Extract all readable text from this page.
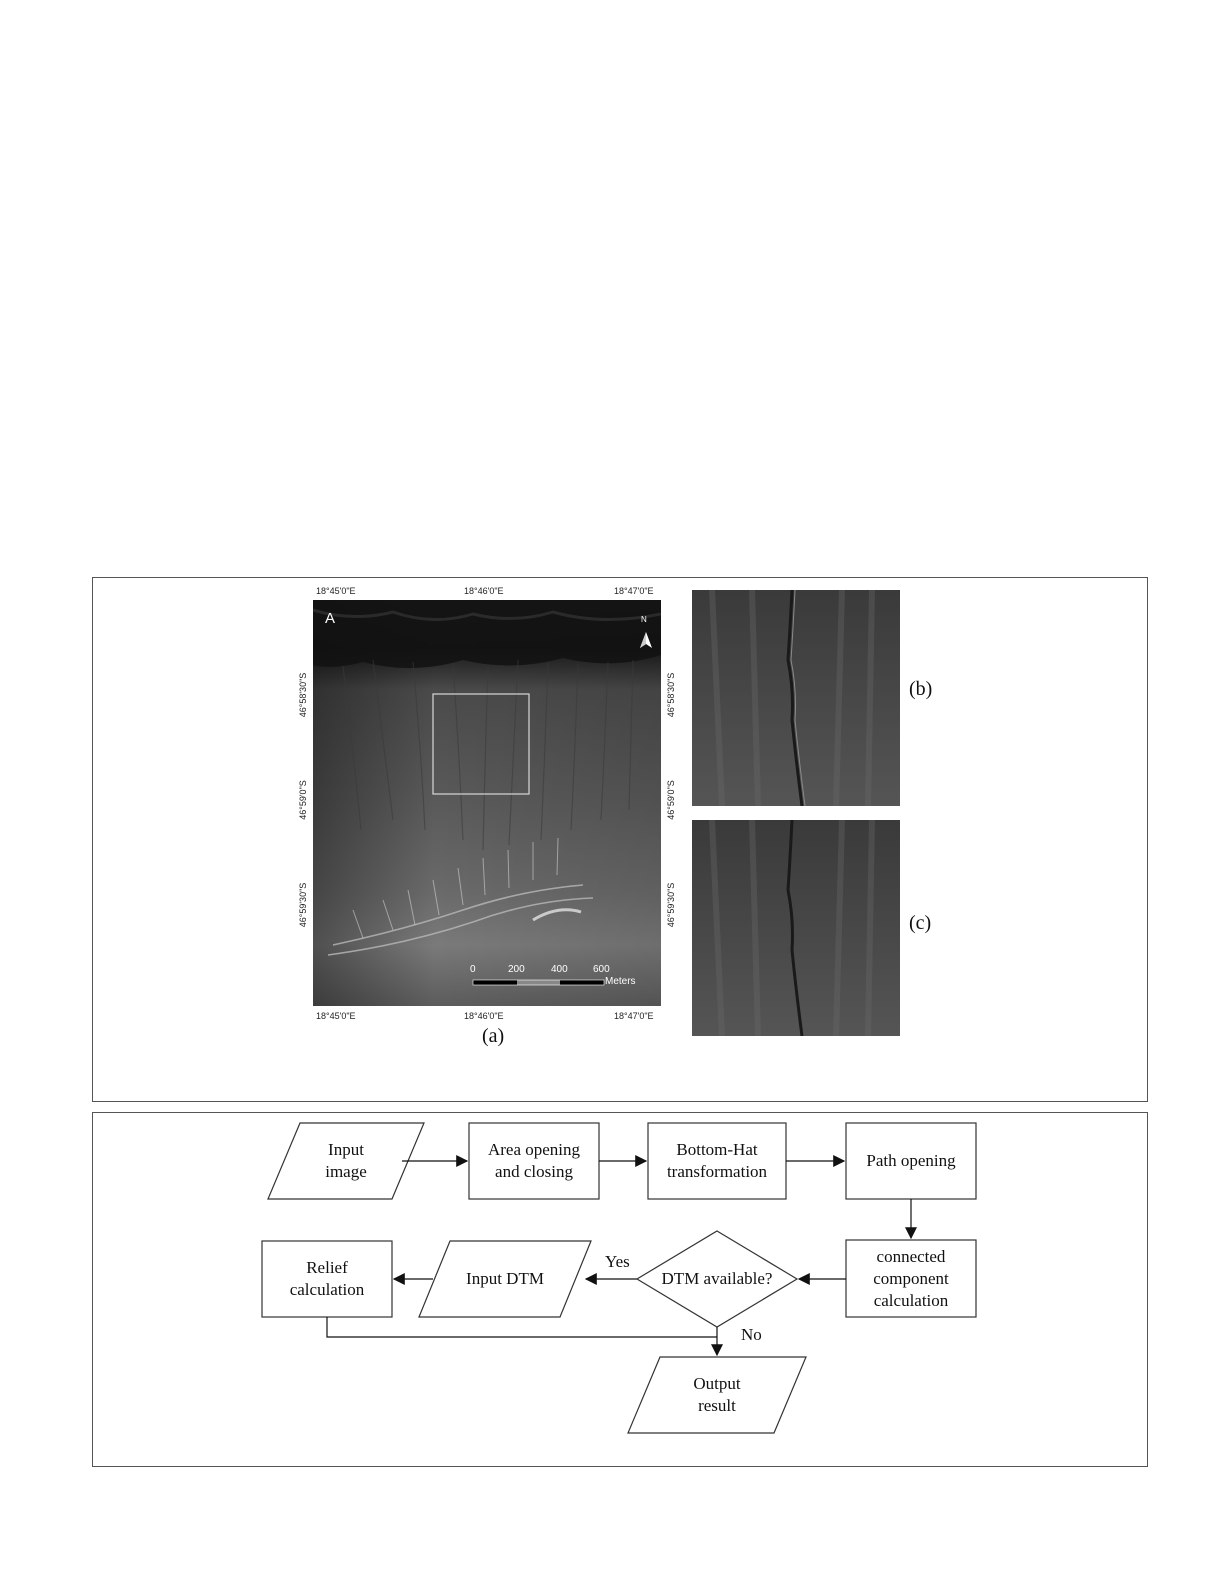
18°45'0"E	18°46'0"E	18°47'0"E
A	N
0	200	400	600
Meters
18°45'0"E	18°46'0"E	18°47'0"E
46°58'30"S
46°59'0"S
46°59'30"S
46°58'30"S
46°59'0"S
46°59'30"S
(a)
(b)
(c)
Input
image
Area opening
and closing
Bottom-Hat
transformation
Path opening
connected
component
calculation
DTM available?
Input DTM
Relief
calculation
Output
result
Yes
No
